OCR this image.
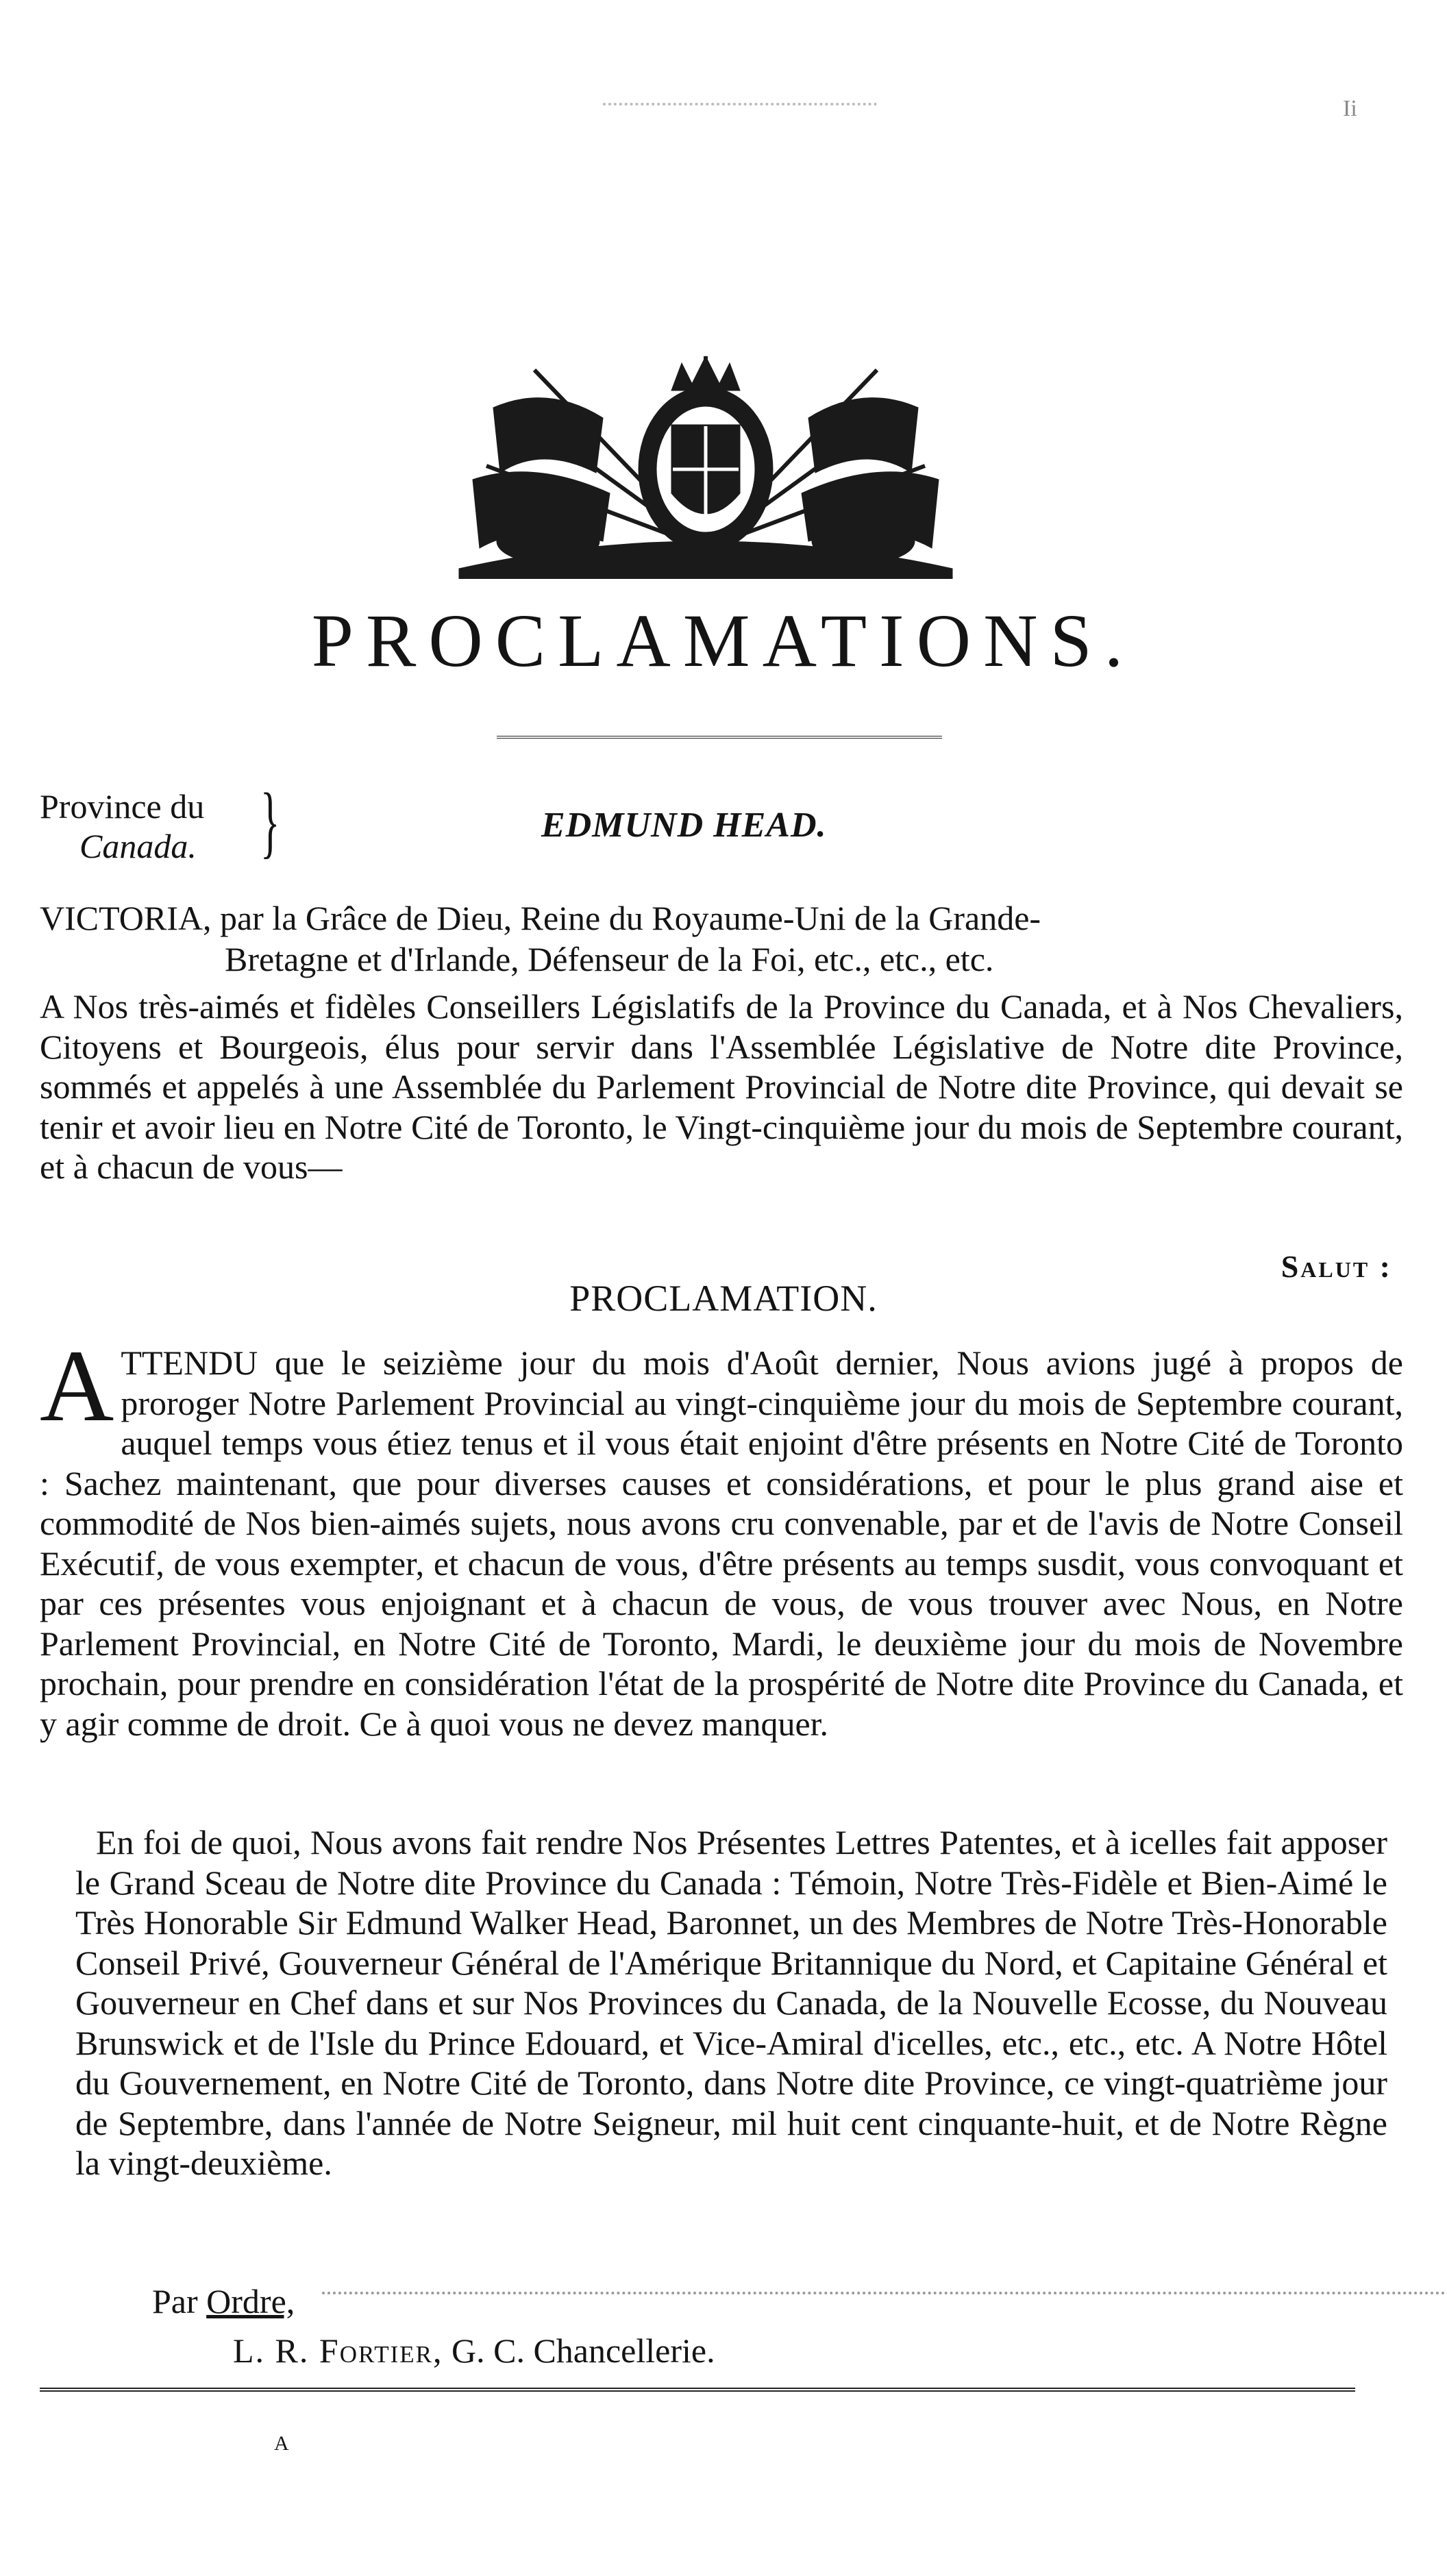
Ii
PROCLAMATIONS.
Province du
Canada. }	EDMUND HEAD.
VICTORIA, par la Grâce de Dieu, Reine du Royaume-Uni de la Grande-
Bretagne et d'Irlande, Défenseur de la Foi, etc., etc., etc.

A Nos très-aimés et fidèles Conseillers Législatifs de la Province du Canada, et à Nos Chevaliers, Citoyens et Bourgeois, élus pour servir dans l'Assemblée Législative de Notre dite Province, sommés et appelés à une Assemblée du Parlement Provincial de Notre dite Province, qui devait se tenir et avoir lieu en Notre Cité de Toronto, le Vingt-cinquième jour du mois de Septembre courant, et à chacun de vous—

Salut :
PROCLAMATION.
A TTENDU que le seizième jour du mois d'Août dernier, Nous avions jugé à propos de proroger Notre Parlement Provincial au vingt-cinquième jour du mois de Septembre courant, auquel temps vous étiez tenus et il vous était enjoint d'être présents en Notre Cité de Toronto : Sachez maintenant, que pour diverses causes et considérations, et pour le plus grand aise et commodité de Nos bien-aimés sujets, nous avons cru convenable, par et de l'avis de Notre Conseil Exécutif, de vous exempter, et chacun de vous, d'être présents au temps susdit, vous convoquant et par ces présentes vous enjoignant et à chacun de vous, de vous trouver avec Nous, en Notre Parlement Provincial, en Notre Cité de Toronto, Mardi, le deuxième jour du mois de Novembre prochain, pour prendre en considération l'état de la prospérité de Notre dite Province du Canada, et y agir comme de droit. Ce à quoi vous ne devez manquer.

En foi de quoi, Nous avons fait rendre Nos Présentes Lettres Patentes, et à icelles fait apposer le Grand Sceau de Notre dite Province du Canada : Témoin, Notre Très-Fidèle et Bien-Aimé le Très Honorable Sir Edmund Walker Head, Baronnet, un des Membres de Notre Très-Honorable Conseil Privé, Gouverneur Général de l'Amérique Britannique du Nord, et Capitaine Général et Gouverneur en Chef dans et sur Nos Provinces du Canada, de la Nouvelle Ecosse, du Nouveau Brunswick et de l'Isle du Prince Edouard, et Vice-Amiral d'icelles, etc., etc., etc. A Notre Hôtel du Gouvernement, en Notre Cité de Toronto, dans Notre dite Province, ce vingt-quatrième jour de Septembre, dans l'année de Notre Seigneur, mil huit cent cinquante-huit, et de Notre Règne la vingt-deuxième.

Par Ordre,
L. R. Fortier, G. C. Chancellerie.
A
